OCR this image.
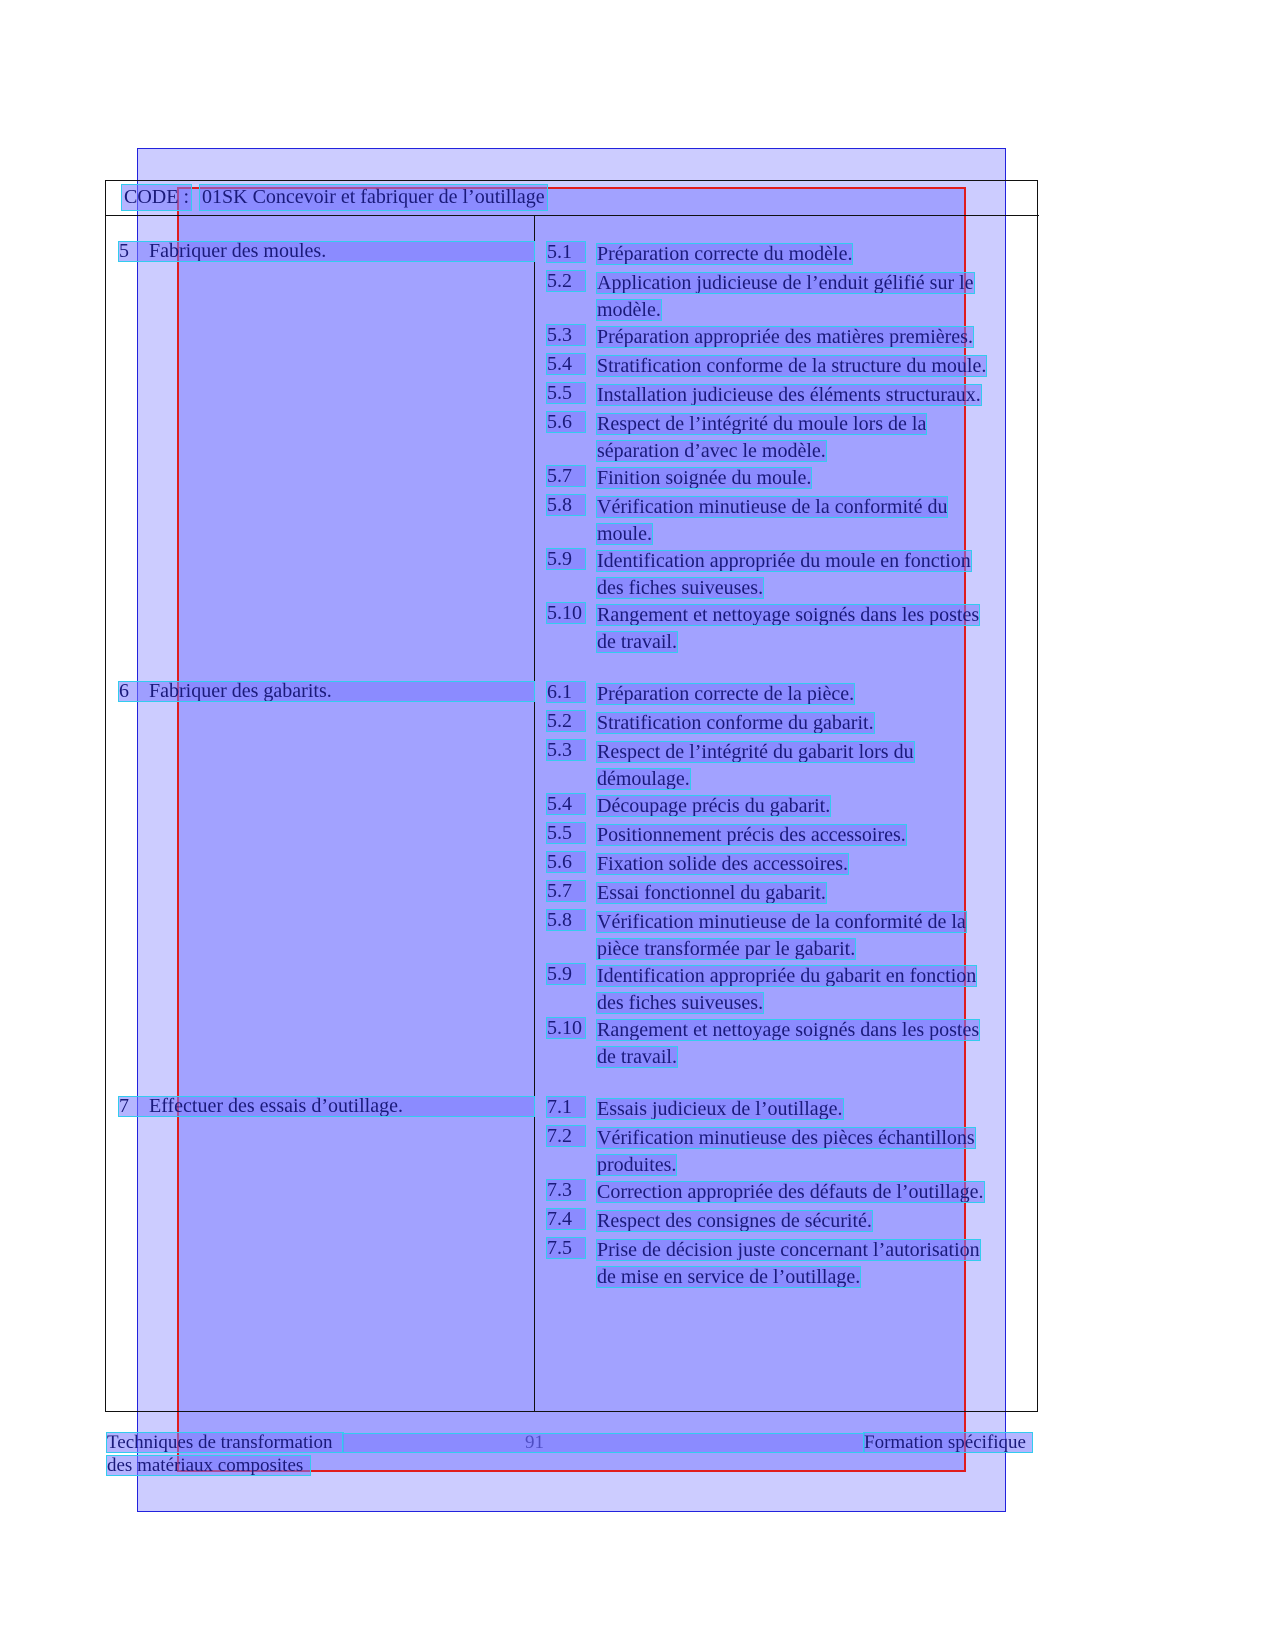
CODE : 01SK Concevoir et fabriquer de l’outillage
5 Fabriquer des moules.	5.1	Préparation correcte du modèle.
5.2	Application judicieuse de l’enduit gélifié sur le
modèle.
5.3	Préparation appropriée des matières premières.
5.4	Stratification conforme de la structure du moule.
5.5	Installation judicieuse des éléments structuraux.
5.6	Respect de l’intégrité du moule lors de la
séparation d’avec le modèle.
5.7	Finition soignée du moule.
5.8	Vérification minutieuse de la conformité du
moule.
5.9	Identification appropriée du moule en fonction
des fiches suiveuses.
5.10 Rangement et nettoyage soignés dans les postes
de travail.
6 Fabriquer des gabarits.	6.1	Préparation correcte de la pièce.
5.2	Stratification conforme du gabarit.
5.3	Respect de l’intégrité du gabarit lors du
démoulage.
5.4	Découpage précis du gabarit.
5.5	Positionnement précis des accessoires.
5.6	Fixation solide des accessoires.
5.7	Essai fonctionnel du gabarit.
5.8	Vérification minutieuse de la conformité de la
pièce transformée par le gabarit.
5.9	Identification appropriée du gabarit en fonction
des fiches suiveuses.
5.10 Rangement et nettoyage soignés dans les postes
de travail.
7 Effectuer des essais d’outillage.	7.1	Essais judicieux de l’outillage.
7.2	Vérification minutieuse des pièces échantillons
produites.
7.3	Correction appropriée des défauts de l’outillage.
7.4	Respect des consignes de sécurité.
7.5	Prise de décision juste concernant l’autorisation
de mise en service de l’outillage.
Techniques de transformation
des matériaux composites
Formation spécifique
